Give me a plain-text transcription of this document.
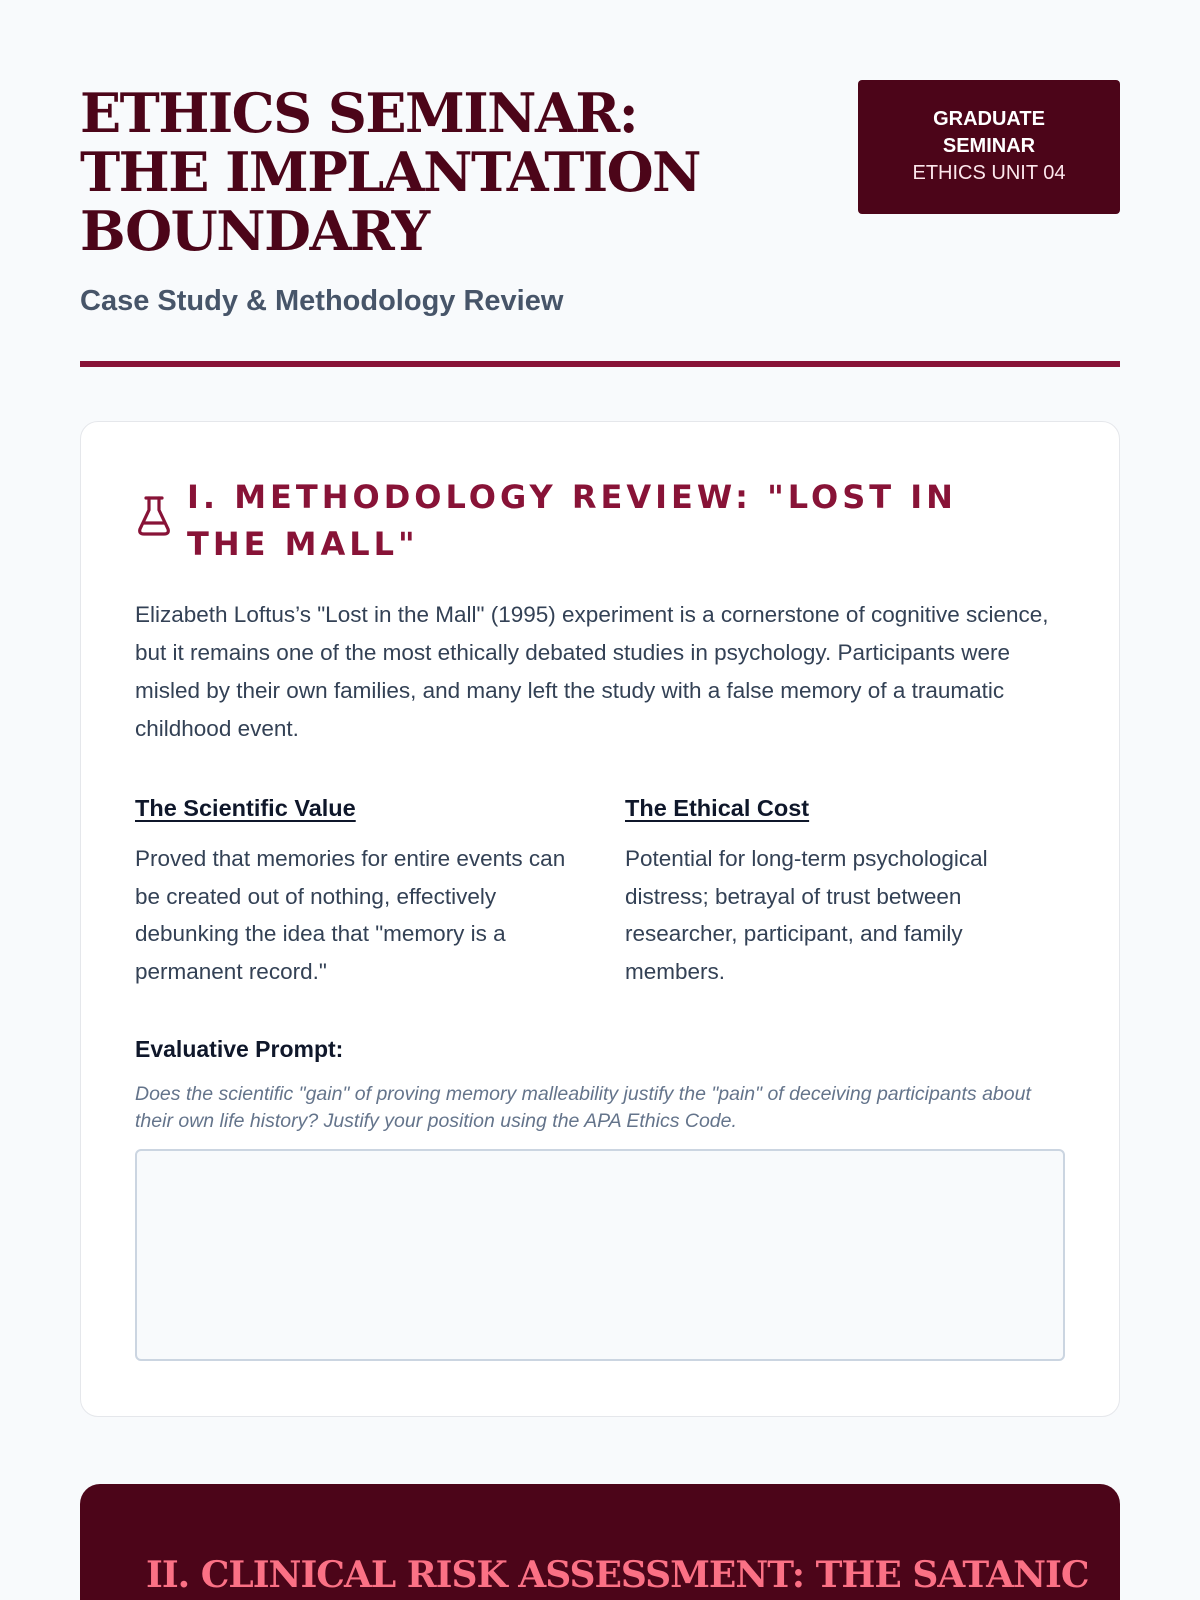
ETHICS SEMINAR: THE IMPLANTATION BOUNDARY
Case Study & Methodology Review
GRADUATE SEMINAR
ETHICS UNIT 04
I. METHODOLOGY REVIEW: "LOST IN THE MALL"

Elizabeth Loftus’s "Lost in the Mall" (1995) experiment is a cornerstone of cognitive science, but it remains one of the most ethically debated studies in psychology. Participants were misled by their own families, and many left the study with a false memory of a traumatic childhood event.

The Scientific Value

Proved that memories for entire events can be created out of nothing, effectively debunking the idea that "memory is a permanent record."

The Ethical Cost

Potential for long-term psychological distress; betrayal of trust between researcher, participant, and family members.

Evaluative Prompt:

Does the scientific "gain" of proving memory malleability justify the "pain" of deceiving participants about their own life history? Justify your position using the APA Ethics Code.

II. CLINICAL RISK ASSESSMENT: THE SATANIC
